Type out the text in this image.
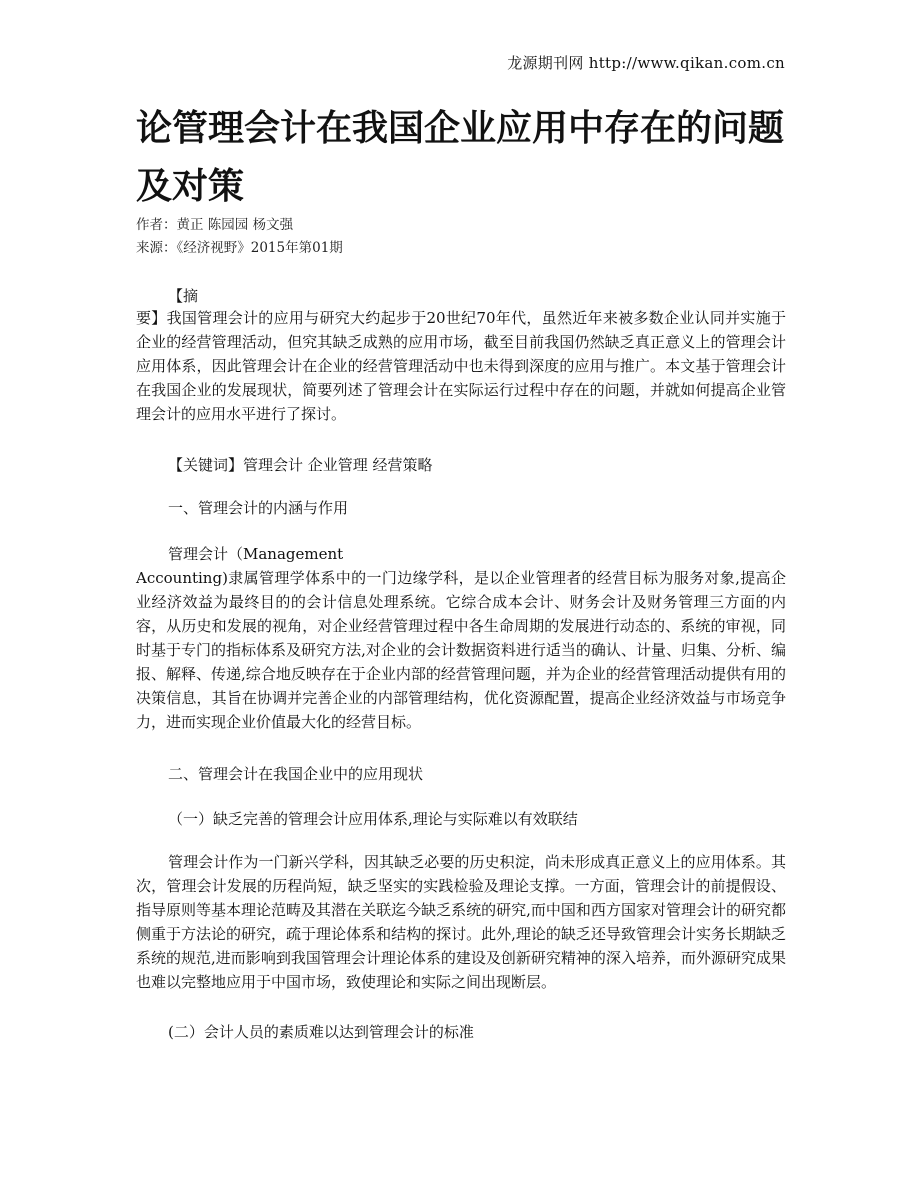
龙源期刊网 http://www.qikan.com.cn
论管理会计在我国企业应用中存在的问题及对策
作者：黄正 陈园园 杨文强
来源：《经济视野》2015年第01期
【摘

要】我国管理会计的应用与研究大约起步于20世纪70年代，虽然近年来被多数企业认同并实施于企业的经营管理活动，但究其缺乏成熟的应用市场，截至目前我国仍然缺乏真正意义上的管理会计应用体系，因此管理会计在企业的经营管理活动中也未得到深度的应用与推广。本文基于管理会计在我国企业的发展现状，简要列述了管理会计在实际运行过程中存在的问题，并就如何提高企业管理会计的应用水平进行了探讨。

【关键词】管理会计 企业管理 经营策略

一、管理会计的内涵与作用

管理会计（Management

Accounting)隶属管理学体系中的一门边缘学科，是以企业管理者的经营目标为服务对象,提高企业经济效益为最终目的的会计信息处理系统。它综合成本会计、财务会计及财务管理三方面的内容，从历史和发展的视角，对企业经营管理过程中各生命周期的发展进行动态的、系统的审视，同时基于专门的指标体系及研究方法,对企业的会计数据资料进行适当的确认、计量、归集、分析、编报、解释、传递,综合地反映存在于企业内部的经营管理问题，并为企业的经营管理活动提供有用的决策信息，其旨在协调并完善企业的内部管理结构，优化资源配置，提高企业经济效益与市场竞争力，进而实现企业价值最大化的经营目标。

二、管理会计在我国企业中的应用现状

（一）缺乏完善的管理会计应用体系,理论与实际难以有效联结

管理会计作为一门新兴学科，因其缺乏必要的历史积淀，尚未形成真正意义上的应用体系。其次，管理会计发展的历程尚短，缺乏坚实的实践检验及理论支撑。一方面，管理会计的前提假设、指导原则等基本理论范畴及其潜在关联迄今缺乏系统的研究,而中国和西方国家对管理会计的研究都侧重于方法论的研究，疏于理论体系和结构的探讨。此外,理论的缺乏还导致管理会计实务长期缺乏系统的规范,进而影响到我国管理会计理论体系的建设及创新研究精神的深入培养，而外源研究成果也难以完整地应用于中国市场，致使理论和实际之间出现断层。

(二）会计人员的素质难以达到管理会计的标准
